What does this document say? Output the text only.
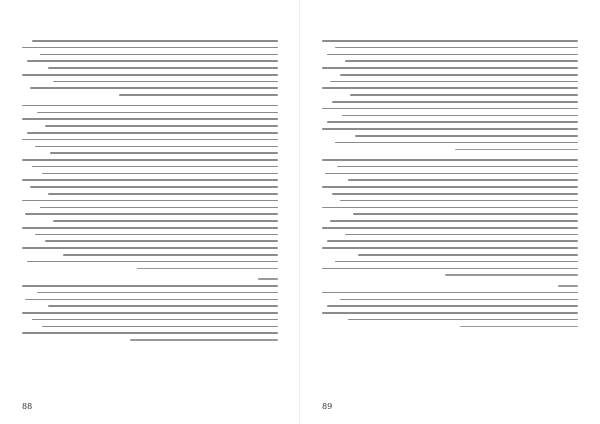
88	89
